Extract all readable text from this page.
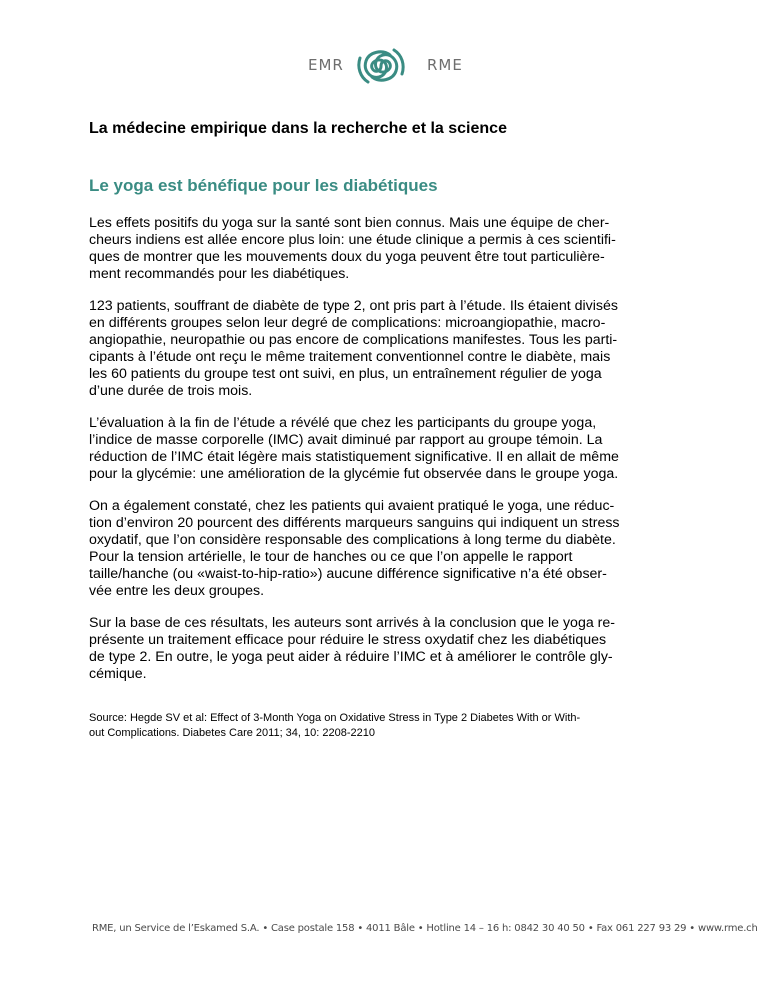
EMR	RME
La médecine empirique dans la recherche et la science
Le yoga est bénéfique pour les diabétiques

Les effets positifs du yoga sur la santé sont bien connus. Mais une équipe de cher-
cheurs indiens est allée encore plus loin: une étude clinique a permis à ces scientifi-
ques de montrer que les mouvements doux du yoga peuvent être tout particulière-
ment recommandés pour les diabétiques.

123 patients, souffrant de diabète de type 2, ont pris part à l’étude. Ils étaient divisés
en différents groupes selon leur degré de complications: microangiopathie, macro-
angiopathie, neuropathie ou pas encore de complications manifestes. Tous les parti-
cipants à l’étude ont reçu le même traitement conventionnel contre le diabète, mais
les 60 patients du groupe test ont suivi, en plus, un entraînement régulier de yoga
d’une durée de trois mois.

L’évaluation à la fin de l’étude a révélé que chez les participants du groupe yoga,
l’indice de masse corporelle (IMC) avait diminué par rapport au groupe témoin. La
réduction de l’IMC était légère mais statistiquement significative. Il en allait de même
pour la glycémie: une amélioration de la glycémie fut observée dans le groupe yoga.

On a également constaté, chez les patients qui avaient pratiqué le yoga, une réduc-
tion d’environ 20 pourcent des différents marqueurs sanguins qui indiquent un stress
oxydatif, que l’on considère responsable des complications à long terme du diabète.
Pour la tension artérielle, le tour de hanches ou ce que l’on appelle le rapport
taille/hanche (ou «waist-to-hip-ratio») aucune différence significative n’a été obser-
vée entre les deux groupes.

Sur la base de ces résultats, les auteurs sont arrivés à la conclusion que le yoga re-
présente un traitement efficace pour réduire le stress oxydatif chez les diabétiques
de type 2. En outre, le yoga peut aider à réduire l’IMC et à améliorer le contrôle gly-
cémique.

Source: Hegde SV et al: Effect of 3-Month Yoga on Oxidative Stress in Type 2 Diabetes With or With-
out Complications. Diabetes Care 2011; 34, 10: 2208-2210
RME, un Service de l’Eskamed S.A. • Case postale 158 • 4011 Bâle • Hotline 14 – 16 h: 0842 30 40 50 • Fax 061 227 93 29 • www.rme.ch
